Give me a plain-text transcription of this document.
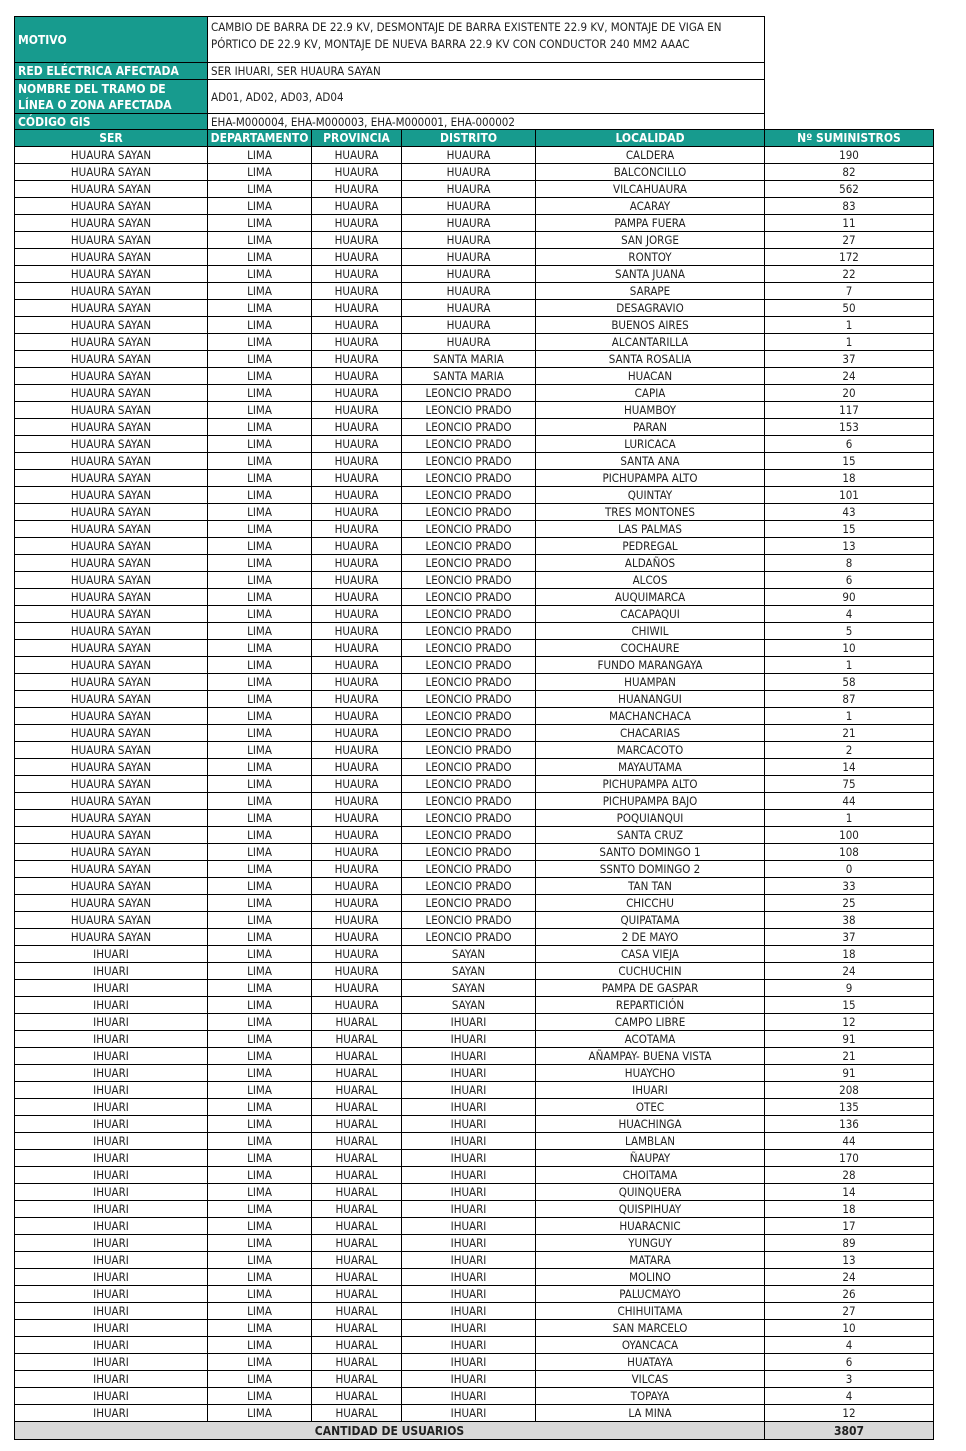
MOTIVO	CAMBIO DE BARRA DE 22.9 KV, DESMONTAJE DE BARRA EXISTENTE 22.9 KV, MONTAJE DE VIGA EN PÓRTICO DE 22.9 KV, MONTAJE DE NUEVA BARRA 22.9 KV CON CONDUCTOR 240 MM2 AAAC				
RED ELÉCTRICA AFECTADA	SER IHUARI, SER HUAURA SAYAN				

NOMBRE DEL TRAMO DE
LÍNEA O ZONA AFECTADA	AD01, AD02, AD03, AD04				
CÓDIGO GIS	EHA-M000004, EHA-M000003, EHA-M000001, EHA-000002				
SER	DEPARTAMENTO	PROVINCIA	DISTRITO	LOCALIDAD	Nº SUMINISTROS
HUAURA SAYAN	LIMA	HUAURA	HUAURA	CALDERA	190
HUAURA SAYAN	LIMA	HUAURA	HUAURA	BALCONCILLO	82
HUAURA SAYAN	LIMA	HUAURA	HUAURA	VILCAHUAURA	562
HUAURA SAYAN	LIMA	HUAURA	HUAURA	ACARAY	83
HUAURA SAYAN	LIMA	HUAURA	HUAURA	PAMPA FUERA	11
HUAURA SAYAN	LIMA	HUAURA	HUAURA	SAN JORGE	27
HUAURA SAYAN	LIMA	HUAURA	HUAURA	RONTOY	172
HUAURA SAYAN	LIMA	HUAURA	HUAURA	SANTA JUANA	22
HUAURA SAYAN	LIMA	HUAURA	HUAURA	SARAPE	7
HUAURA SAYAN	LIMA	HUAURA	HUAURA	DESAGRAVIO	50
HUAURA SAYAN	LIMA	HUAURA	HUAURA	BUENOS AIRES	1
HUAURA SAYAN	LIMA	HUAURA	HUAURA	ALCANTARILLA	1
HUAURA SAYAN	LIMA	HUAURA	SANTA MARIA	SANTA ROSALIA	37
HUAURA SAYAN	LIMA	HUAURA	SANTA MARIA	HUACAN	24
HUAURA SAYAN	LIMA	HUAURA	LEONCIO PRADO	CAPIA	20
HUAURA SAYAN	LIMA	HUAURA	LEONCIO PRADO	HUAMBOY	117
HUAURA SAYAN	LIMA	HUAURA	LEONCIO PRADO	PARAN	153
HUAURA SAYAN	LIMA	HUAURA	LEONCIO PRADO	LURICACA	6
HUAURA SAYAN	LIMA	HUAURA	LEONCIO PRADO	SANTA ANA	15
HUAURA SAYAN	LIMA	HUAURA	LEONCIO PRADO	PICHUPAMPA ALTO	18
HUAURA SAYAN	LIMA	HUAURA	LEONCIO PRADO	QUINTAY	101
HUAURA SAYAN	LIMA	HUAURA	LEONCIO PRADO	TRES MONTONES	43
HUAURA SAYAN	LIMA	HUAURA	LEONCIO PRADO	LAS PALMAS	15
HUAURA SAYAN	LIMA	HUAURA	LEONCIO PRADO	PEDREGAL	13
HUAURA SAYAN	LIMA	HUAURA	LEONCIO PRADO	ALDAÑOS	8
HUAURA SAYAN	LIMA	HUAURA	LEONCIO PRADO	ALCOS	6
HUAURA SAYAN	LIMA	HUAURA	LEONCIO PRADO	AUQUIMARCA	90
HUAURA SAYAN	LIMA	HUAURA	LEONCIO PRADO	CACAPAQUI	4
HUAURA SAYAN	LIMA	HUAURA	LEONCIO PRADO	CHIWIL	5
HUAURA SAYAN	LIMA	HUAURA	LEONCIO PRADO	COCHAURE	10
HUAURA SAYAN	LIMA	HUAURA	LEONCIO PRADO	FUNDO MARANGAYA	1
HUAURA SAYAN	LIMA	HUAURA	LEONCIO PRADO	HUAMPAN	58
HUAURA SAYAN	LIMA	HUAURA	LEONCIO PRADO	HUANANGUI	87
HUAURA SAYAN	LIMA	HUAURA	LEONCIO PRADO	MACHANCHACA	1
HUAURA SAYAN	LIMA	HUAURA	LEONCIO PRADO	CHACARIAS	21
HUAURA SAYAN	LIMA	HUAURA	LEONCIO PRADO	MARCACOTO	2
HUAURA SAYAN	LIMA	HUAURA	LEONCIO PRADO	MAYAUTAMA	14
HUAURA SAYAN	LIMA	HUAURA	LEONCIO PRADO	PICHUPAMPA ALTO	75
HUAURA SAYAN	LIMA	HUAURA	LEONCIO PRADO	PICHUPAMPA BAJO	44
HUAURA SAYAN	LIMA	HUAURA	LEONCIO PRADO	POQUIANQUI	1
HUAURA SAYAN	LIMA	HUAURA	LEONCIO PRADO	SANTA CRUZ	100
HUAURA SAYAN	LIMA	HUAURA	LEONCIO PRADO	SANTO DOMINGO 1	108
HUAURA SAYAN	LIMA	HUAURA	LEONCIO PRADO	SSNTO DOMINGO 2	0
HUAURA SAYAN	LIMA	HUAURA	LEONCIO PRADO	TAN TAN	33
HUAURA SAYAN	LIMA	HUAURA	LEONCIO PRADO	CHICCHU	25
HUAURA SAYAN	LIMA	HUAURA	LEONCIO PRADO	QUIPATAMA	38
HUAURA SAYAN	LIMA	HUAURA	LEONCIO PRADO	2 DE MAYO	37
IHUARI	LIMA	HUAURA	SAYAN	CASA VIEJA	18
IHUARI	LIMA	HUAURA	SAYAN	CUCHUCHIN	24
IHUARI	LIMA	HUAURA	SAYAN	PAMPA DE GASPAR	9
IHUARI	LIMA	HUAURA	SAYAN	REPARTICIÓN	15
IHUARI	LIMA	HUARAL	IHUARI	CAMPO LIBRE	12
IHUARI	LIMA	HUARAL	IHUARI	ACOTAMA	91
IHUARI	LIMA	HUARAL	IHUARI	AÑAMPAY- BUENA VISTA	21
IHUARI	LIMA	HUARAL	IHUARI	HUAYCHO	91
IHUARI	LIMA	HUARAL	IHUARI	IHUARI	208
IHUARI	LIMA	HUARAL	IHUARI	OTEC	135
IHUARI	LIMA	HUARAL	IHUARI	HUACHINGA	136
IHUARI	LIMA	HUARAL	IHUARI	LAMBLAN	44
IHUARI	LIMA	HUARAL	IHUARI	ÑAUPAY	170
IHUARI	LIMA	HUARAL	IHUARI	CHOITAMA	28
IHUARI	LIMA	HUARAL	IHUARI	QUINQUERA	14
IHUARI	LIMA	HUARAL	IHUARI	QUISPIHUAY	18
IHUARI	LIMA	HUARAL	IHUARI	HUARACNIC	17
IHUARI	LIMA	HUARAL	IHUARI	YUNGUY	89
IHUARI	LIMA	HUARAL	IHUARI	MATARA	13
IHUARI	LIMA	HUARAL	IHUARI	MOLINO	24
IHUARI	LIMA	HUARAL	IHUARI	PALUCMAYO	26
IHUARI	LIMA	HUARAL	IHUARI	CHIHUITAMA	27
IHUARI	LIMA	HUARAL	IHUARI	SAN MARCELO	10
IHUARI	LIMA	HUARAL	IHUARI	OYANCACA	4
IHUARI	LIMA	HUARAL	IHUARI	HUATAYA	6
IHUARI	LIMA	HUARAL	IHUARI	VILCAS	3
IHUARI	LIMA	HUARAL	IHUARI	TOPAYA	4
IHUARI	LIMA	HUARAL	IHUARI	LA MINA	12
CANTIDAD DE USUARIOS					3807
